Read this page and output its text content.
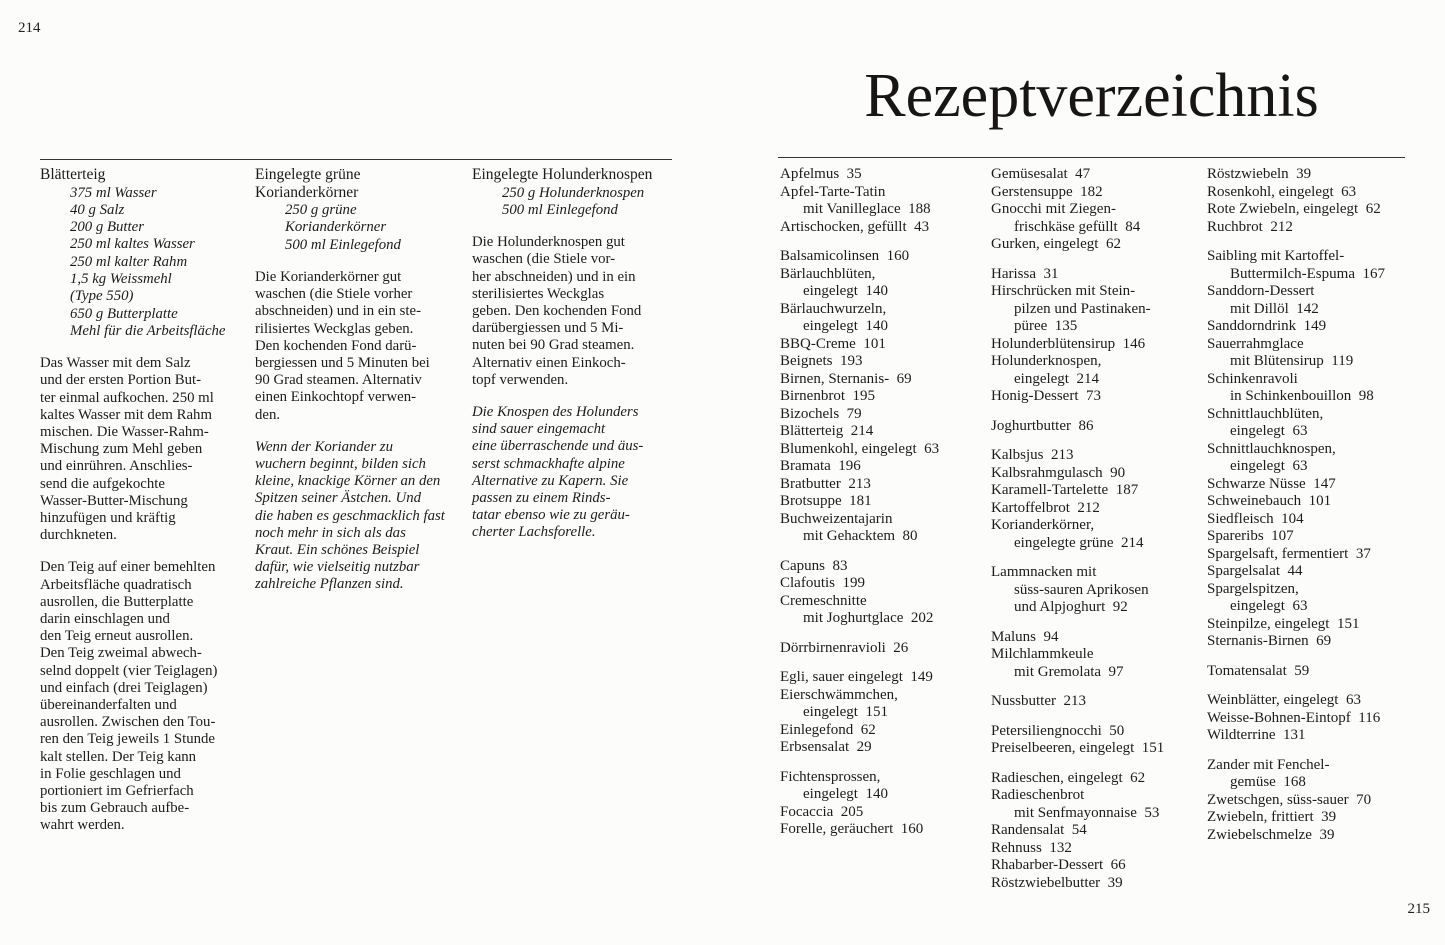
214
Blätterteig
375 ml Wasser
40 g Salz
200 g Butter
250 ml kaltes Wasser
250 ml kalter Rahm
1,5 kg Weissmehl
(Type 550)
650 g Butterplatte
Mehl für die Arbeitsfläche
Das Wasser mit dem Salz
und der ersten Portion But-
ter einmal aufkochen. 250 ml
kaltes Wasser mit dem Rahm
mischen. Die Wasser-Rahm-
Mischung zum Mehl geben
und einrühren. Anschlies-
send die aufgekochte
Wasser-Butter-Mischung
hinzufügen und kräftig
durchkneten.
Den Teig auf einer bemehlten
Arbeitsfläche quadratisch
ausrollen, die Butterplatte
darin einschlagen und
den Teig erneut ausrollen.
Den Teig zweimal abwech-
selnd doppelt (vier Teiglagen)
und einfach (drei Teiglagen)
übereinanderfalten und
ausrollen. Zwischen den Tou-
ren den Teig jeweils 1 Stunde
kalt stellen. Der Teig kann
in Folie geschlagen und
portioniert im Gefrierfach
bis zum Gebrauch aufbe-
wahrt werden.
Eingelegte grüne
Korianderkörner
250 g grüne
Korianderkörner
500 ml Einlegefond
Die Korianderkörner gut
waschen (die Stiele vorher
abschneiden) und in ein ste-
rilisiertes Weckglas geben.
Den kochenden Fond darü-
bergiessen und 5 Minuten bei
90 Grad steamen. Alternativ
einen Einkochtopf verwen-
den.
Wenn der Koriander zu
wuchern beginnt, bilden sich
kleine, knackige Körner an den
Spitzen seiner Ästchen. Und
die haben es geschmacklich fast
noch mehr in sich als das
Kraut. Ein schönes Beispiel
dafür, wie vielseitig nutzbar
zahlreiche Pflanzen sind.
Eingelegte Holunderknospen
250 g Holunderknospen
500 ml Einlegefond
Die Holunderknospen gut
waschen (die Stiele vor-
her abschneiden) und in ein
sterilisiertes Weckglas
geben. Den kochenden Fond
darübergiessen und 5 Mi-
nuten bei 90 Grad steamen.
Alternativ einen Einkoch-
topf verwenden.
Die Knospen des Holunders
sind sauer eingemacht
eine überraschende und äus-
serst schmackhafte alpine
Alternative zu Kapern. Sie
passen zu einem Rinds-
tatar ebenso wie zu geräu-
cherter Lachsforelle.
Rezeptverzeichnis
Apfelmus  35
Apfel-Tarte-Tatin
mit Vanilleglace  188
Artischocken, gefüllt  43
Balsamicolinsen  160
Bärlauchblüten,
eingelegt  140
Bärlauchwurzeln,
eingelegt  140
BBQ-Creme  101
Beignets  193
Birnen, Sternanis-  69
Birnenbrot  195
Bizochels  79
Blätterteig  214
Blumenkohl, eingelegt  63
Bramata  196
Bratbutter  213
Brotsuppe  181
Buchweizentajarin
mit Gehacktem  80
Capuns  83
Clafoutis  199
Cremeschnitte
mit Joghurtglace  202
Dörrbirnenravioli  26
Egli, sauer eingelegt  149
Eierschwämmchen,
eingelegt  151
Einlegefond  62
Erbsensalat  29
Fichtensprossen,
eingelegt  140
Focaccia  205
Forelle, geräuchert  160
Gemüsesalat  47
Gerstensuppe  182
Gnocchi mit Ziegen-
frischkäse gefüllt  84
Gurken, eingelegt  62
Harissa  31
Hirschrücken mit Stein-
pilzen und Pastinaken-
püree  135
Holunderblütensirup  146
Holunderknospen,
eingelegt  214
Honig-Dessert  73
Joghurtbutter  86
Kalbsjus  213
Kalbsrahmgulasch  90
Karamell-Tartelette  187
Kartoffelbrot  212
Korianderkörner,
eingelegte grüne  214
Lammnacken mit
süss-sauren Aprikosen
und Alpjoghurt  92
Maluns  94
Milchlammkeule
mit Gremolata  97
Nussbutter  213
Petersiliengnocchi  50
Preiselbeeren, eingelegt  151
Radieschen, eingelegt  62
Radieschenbrot
mit Senfmayonnaise  53
Randensalat  54
Rehnuss  132
Rhabarber-Dessert  66
Röstzwiebelbutter  39
Röstzwiebeln  39
Rosenkohl, eingelegt  63
Rote Zwiebeln, eingelegt  62
Ruchbrot  212
Saibling mit Kartoffel-
Buttermilch-Espuma  167
Sanddorn-Dessert
mit Dillöl  142
Sanddorndrink  149
Sauerrahmglace
mit Blütensirup  119
Schinkenravoli
in Schinkenbouillon  98
Schnittlauchblüten,
eingelegt  63
Schnittlauchknospen,
eingelegt  63
Schwarze Nüsse  147
Schweinebauch  101
Siedfleisch  104
Spareribs  107
Spargelsaft, fermentiert  37
Spargelsalat  44
Spargelspitzen,
eingelegt  63
Steinpilze, eingelegt  151
Sternanis-Birnen  69
Tomatensalat  59
Weinblätter, eingelegt  63
Weisse-Bohnen-Eintopf  116
Wildterrine  131
Zander mit Fenchel-
gemüse  168
Zwetschgen, süss-sauer  70
Zwiebeln, frittiert  39
Zwiebelschmelze  39
215
